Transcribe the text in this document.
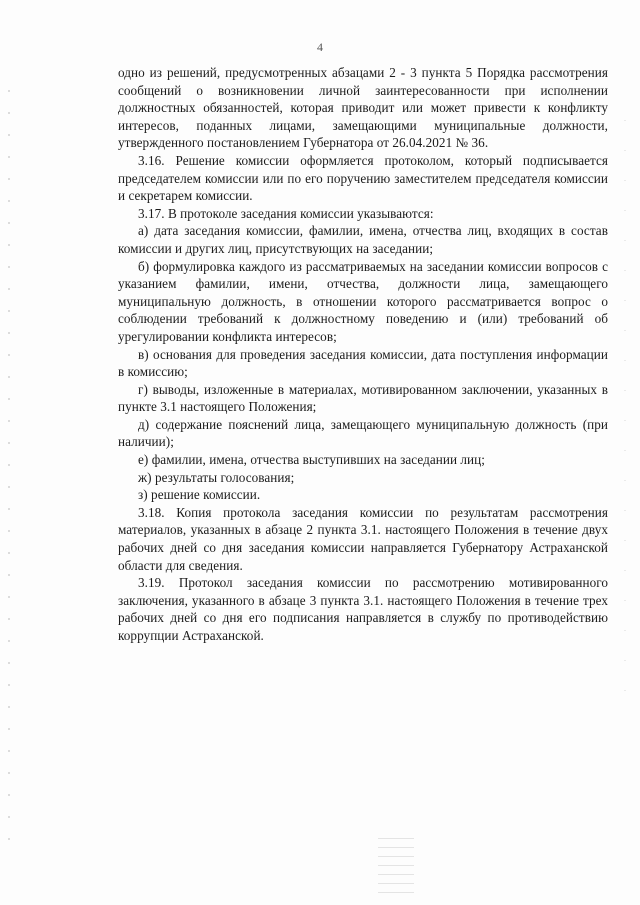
4

одно из решений, предусмотренных абзацами 2 - 3 пункта 5 Порядка рассмотрения сообщений о возникновении личной заинтересованности при исполнении должностных обязанностей, которая приводит или может привести к конфликту интересов, поданных лицами, замещающими муниципальные должности, утвержденного постановлением Губернатора от 26.04.2021 № 36.

3.16. Решение комиссии оформляется протоколом, который подписывается председателем комиссии или по его поручению заместителем председателя комиссии и секретарем комиссии.

3.17. В протоколе заседания комиссии указываются:

а) дата заседания комиссии, фамилии, имена, отчества лиц, входящих в состав комиссии и других лиц, присутствующих на заседании;

б) формулировка каждого из рассматриваемых на заседании комиссии вопросов с указанием фамилии, имени, отчества, должности лица, замещающего муниципальную должность, в отношении которого рассматривается вопрос о соблюдении требований к должностному поведению и (или) требований об урегулировании конфликта интересов;

в) основания для проведения заседания комиссии, дата поступления информации в комиссию;

г) выводы, изложенные в материалах, мотивированном заключении, указанных в пункте 3.1 настоящего Положения;

д) содержание пояснений лица, замещающего муниципальную должность (при наличии);

е) фамилии, имена, отчества выступивших на заседании лиц;

ж) результаты голосования;

з) решение комиссии.

3.18. Копия протокола заседания комиссии по результатам рассмотрения материалов, указанных в абзаце 2 пункта 3.1. настоящего Положения в течение двух рабочих дней со дня заседания комиссии направляется Губернатору Астраханской области для сведения.

3.19. Протокол заседания комиссии по рассмотрению мотивированного заключения, указанного в абзаце 3 пункта 3.1. настоящего Положения в течение трех рабочих дней со дня его подписания направляется в службу по противодействию коррупции Астраханской.
